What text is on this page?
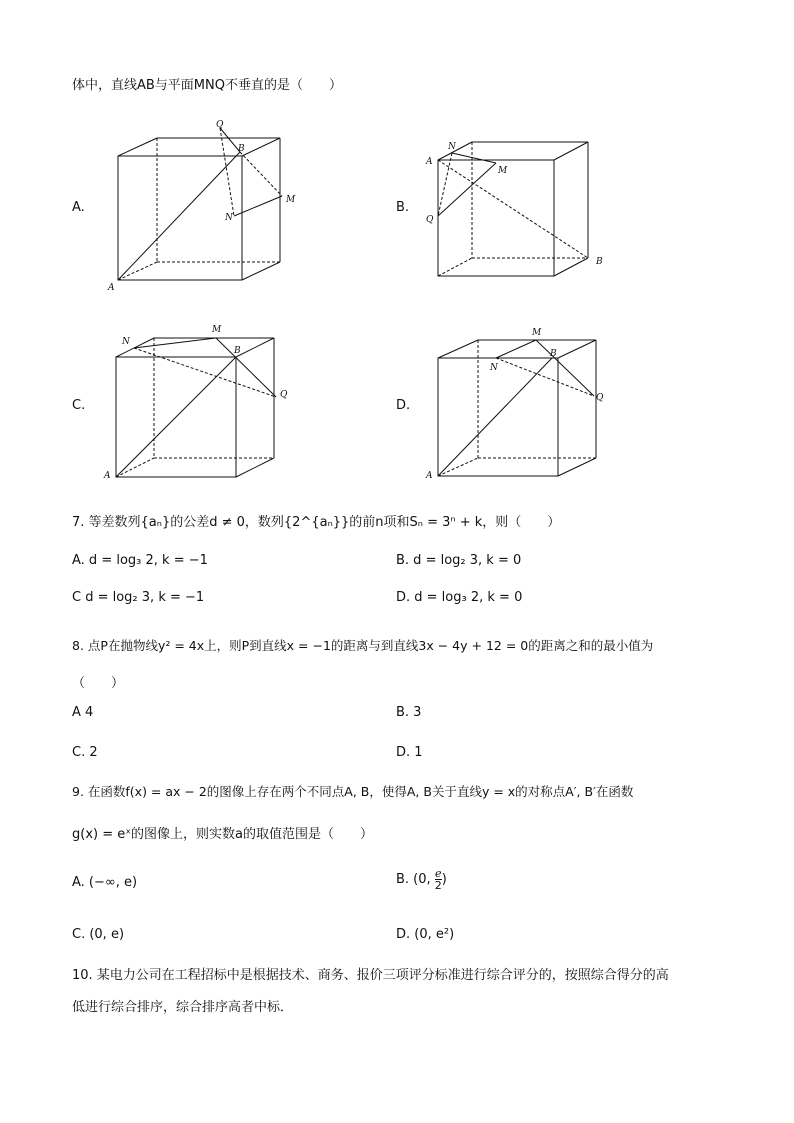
体中，直线AB与平面MNQ不垂直的是（　　）
A.	B.
C.	D.
Q
B
M
N
A
N
A
M
Q
B
M
N
B
Q
A
M
B
N
Q
A
7. 等差数列{aₙ}的公差d ≠ 0，数列{2^{aₙ}}的前n项和Sₙ = 3ⁿ + k，则（　　）
A. d = log₃ 2, k = −1	B. d = log₂ 3, k = 0
C d = log₂ 3, k = −1	D. d = log₃ 2, k = 0
8. 点P在抛物线y² = 4x上，则P到直线x = −1的距离与到直线3x − 4y + 12 = 0的距离之和的最小值为
（　　）
A 4	B. 3
C. 2	D. 1
9. 在函数f(x) = ax − 2的图像上存在两个不同点A, B，使得A, B关于直线y = x的对称点A′, B′在函数
g(x) = eˣ的图像上，则实数a的取值范围是（　　）
A. (−∞, e)	B. (0, $\frac{e}{2}$ )
C. (0, e)	D. (0, e²)
10. 某电力公司在工程招标中是根据技术、商务、报价三项评分标准进行综合评分的，按照综合得分的高
低进行综合排序，综合排序高者中标．
